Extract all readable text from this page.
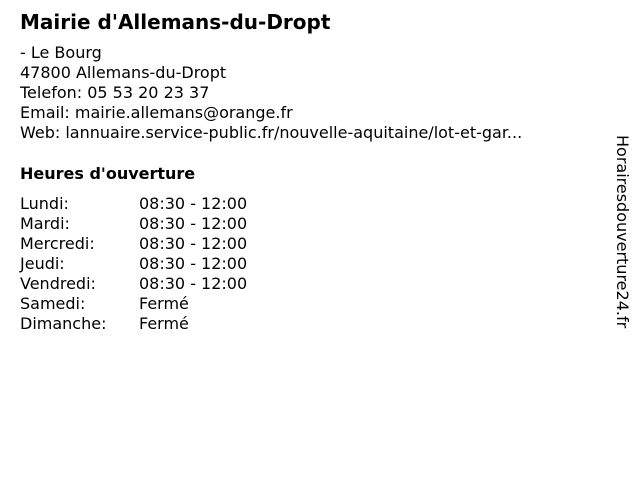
Mairie d'Allemans-du-Dropt
- Le Bourg
47800 Allemans-du-Dropt
Telefon: 05 53 20 23 37
Email: mairie.allemans@orange.fr
Web: lannuaire.service-public.fr/nouvelle-aquitaine/lot-et-gar...
Heures d'ouverture
Lundi:	08:30 - 12:00
Mardi:	08:30 - 12:00
Mercredi:	08:30 - 12:00
Jeudi:	08:30 - 12:00
Vendredi:	08:30 - 12:00
Samedi:	Fermé
Dimanche:	Fermé	Horairesdouverture24.fr
